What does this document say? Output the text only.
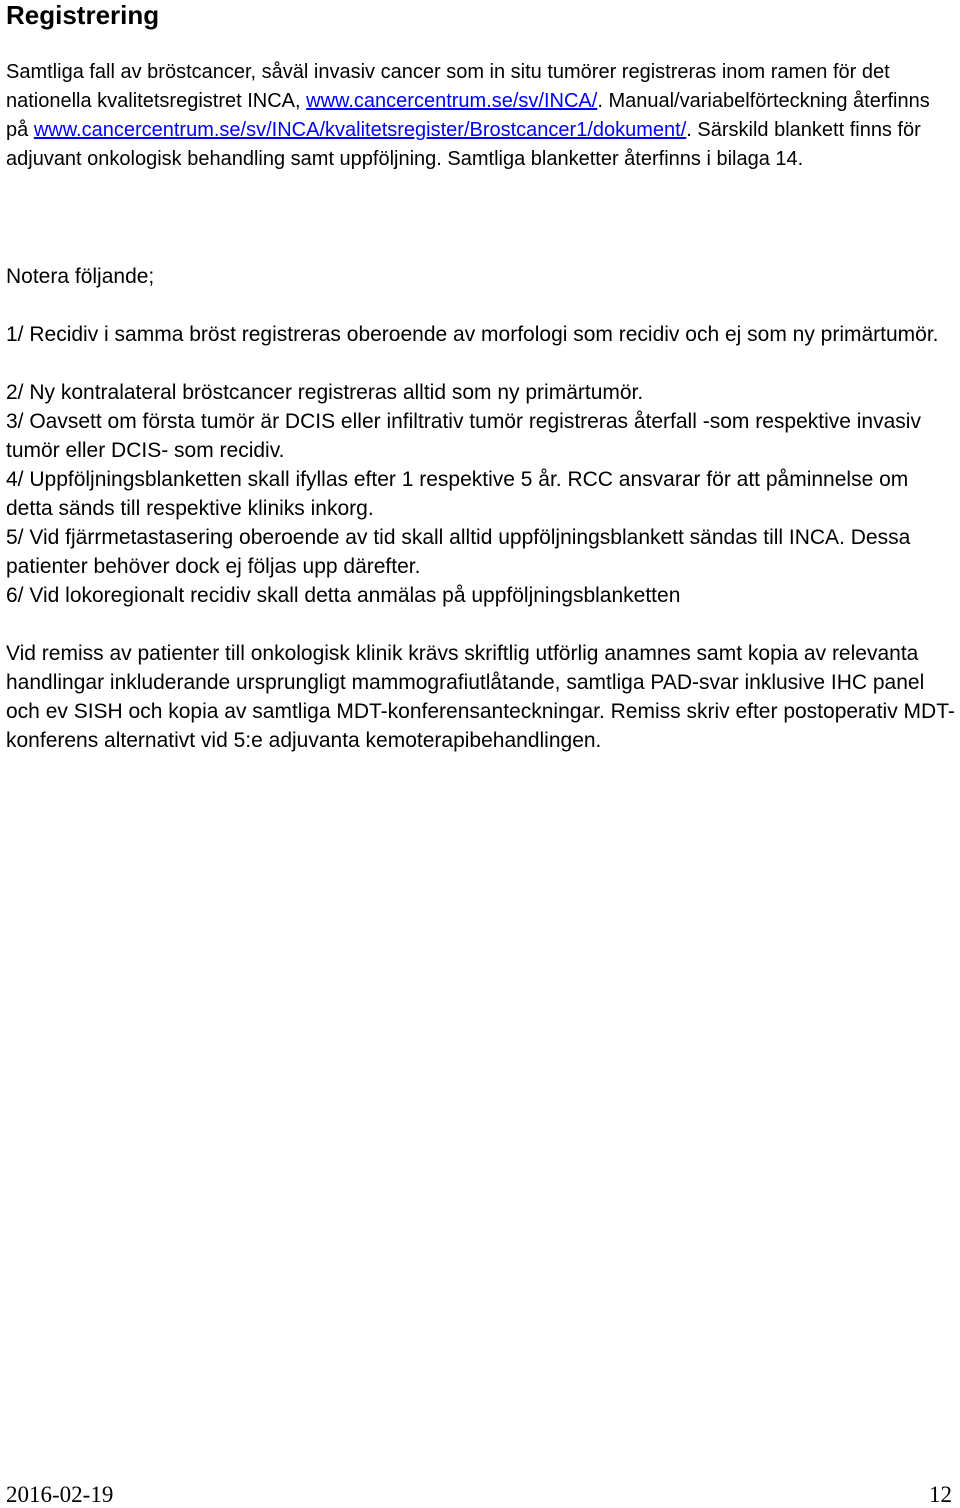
Registrering

Samtliga fall av bröstcancer, såväl invasiv cancer som in situ tumörer registreras inom ramen för det nationella kvalitetsregistret INCA, www.cancercentrum.se/sv/INCA/. Manual/variabelförteckning återfinns på www.cancercentrum.se/sv/INCA/kvalitetsregister/Brostcancer1/dokument/. Särskild blankett finns för adjuvant onkologisk behandling samt uppföljning. Samtliga blanketter återfinns i bilaga 14.

Notera följande;

1/ Recidiv i samma bröst registreras oberoende av morfologi som recidiv och ej som ny primärtumör.

2/ Ny kontralateral bröstcancer registreras alltid som ny primärtumör.

3/ Oavsett om första tumör är DCIS eller infiltrativ tumör registreras återfall -som respektive invasiv tumör eller DCIS- som recidiv.

4/ Uppföljningsblanketten skall ifyllas efter 1 respektive 5 år. RCC ansvarar för att påminnelse om detta sänds till respektive kliniks inkorg.

5/ Vid fjärrmetastasering oberoende av tid skall alltid uppföljningsblankett sändas till INCA. Dessa patienter behöver dock ej följas upp därefter.

6/ Vid lokoregionalt recidiv skall detta anmälas på uppföljningsblanketten

Vid remiss av patienter till onkologisk klinik krävs skriftlig utförlig anamnes samt kopia av relevanta handlingar inkluderande ursprungligt mammografiutlåtande, samtliga PAD-svar inklusive IHC panel och ev SISH och kopia av samtliga MDT-konferensanteckningar. Remiss skriv efter postoperativ MDT-konferens alternativt vid 5:e adjuvanta kemoterapibehandlingen.

2016-02-19	12
